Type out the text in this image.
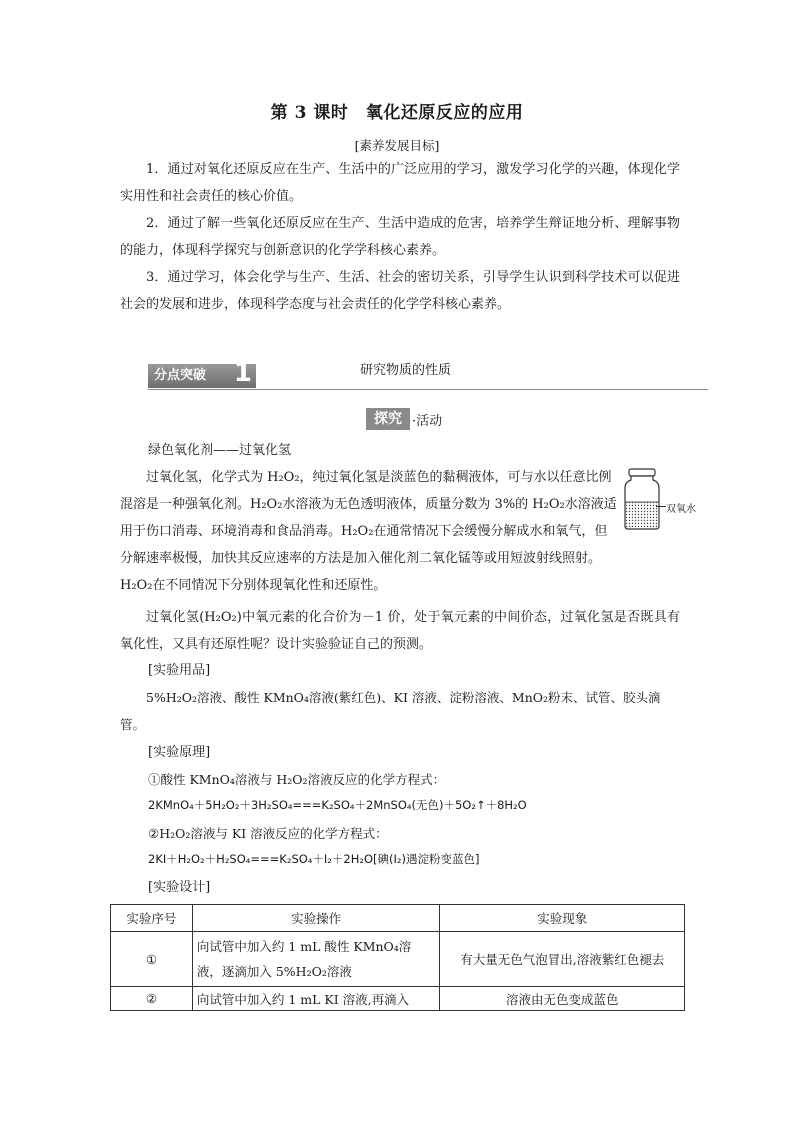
第 3 课时　氧化还原反应的应用
[素养发展目标]
1．通过对氧化还原反应在生产、生活中的广泛应用的学习，激发学习化学的兴趣，体现化学实用性和社会责任的核心价值。
2．通过了解一些氧化还原反应在生产、生活中造成的危害，培养学生辩证地分析、理解事物的能力，体现科学探究与创新意识的化学学科核心素养。
3．通过学习，体会化学与生产、生活、社会的密切关系，引导学生认识到科学技术可以促进社会的发展和进步，体现科学态度与社会责任的化学学科核心素养。
分点突破 1	研究物质的性质
探究 ·活动
绿色氧化剂——过氧化氢
过氧化氢，化学式为 H₂O₂，纯过氧化氢是淡蓝色的黏稠液体，可与水以任意比例混溶是一种强氧化剂。H₂O₂水溶液为无色透明液体，质量分数为 3%的 H₂O₂水溶液适用于伤口消毒、环境消毒和食品消毒。H₂O₂在通常情况下会缓慢分解成水和氧气，但分解速率极慢，加快其反应速率的方法是加入催化剂二氧化锰等或用短波射线照射。H₂O₂在不同情况下分别体现氧化性和还原性。
双氧水
过氧化氢(H₂O₂)中氧元素的化合价为－1 价，处于氧元素的中间价态，过氧化氢是否既具有氧化性，又具有还原性呢？设计实验验证自己的预测。
[实验用品]
5%H₂O₂溶液、酸性 KMnO₄溶液(紫红色)、KI 溶液、淀粉溶液、MnO₂粉末、试管、胶头滴管。
[实验原理]
①酸性 KMnO₄溶液与 H₂O₂溶液反应的化学方程式：
2KMnO₄＋5H₂O₂＋3H₂SO₄===K₂SO₄＋2MnSO₄(无色)＋5O₂↑＋8H₂O
②H₂O₂溶液与 KI 溶液反应的化学方程式：
2KI＋H₂O₂＋H₂SO₄===K₂SO₄＋I₂＋2H₂O[碘(I₂)遇淀粉变蓝色]
[实验设计]
实验序号	实验操作	实验现象
①	向试管中加入约 1 mL 酸性 KMnO₄溶液，逐滴加入 5%H₂O₂溶液	有大量无色气泡冒出,溶液紫红色褪去
②	向试管中加入约 1 mL KI 溶液,再滴入	溶液由无色变成蓝色
